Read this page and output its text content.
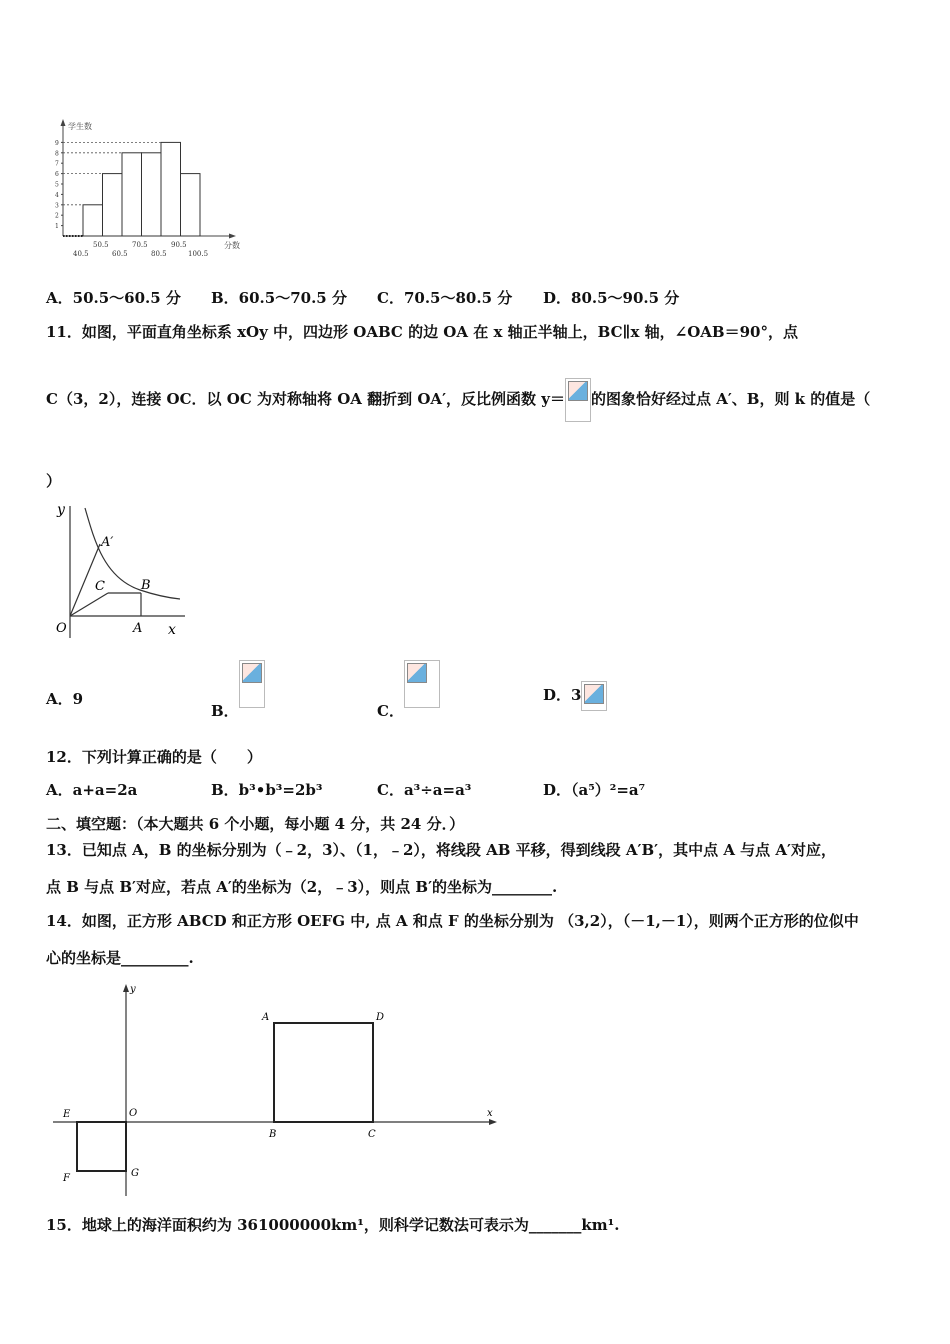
学生数
分数
1
2
3
4
5
6
7
8
9
50.5	70.5	90.5
40.5	60.5	80.5	100.5
A．50.5～60.5 分 B．60.5～70.5 分 C．70.5～80.5 分 D．80.5～90.5 分
11．如图，平面直角坐标系 xOy 中，四边形 OABC 的边 OA 在 x 轴正半轴上，BC∥x 轴，∠OAB＝90°，点
C（3，2），连接 OC．以 OC 为对称轴将 OA 翻折到 OA′，反比例函数 y＝ 的图象恰好经过点 A′、B，则 k 的值是（
）
y
A′
C	B
O	A x
A．9
B．	C．
D．3
12．下列计算正确的是（　　）
A．a+a=2a	B．b³•b³=2b³	C．a³÷a=a³	D．（a⁵）²=a⁷
二、填空题：（本大题共 6 个小题，每小题 4 分，共 24 分．）
13．已知点 A，B 的坐标分别为（﹣2，3）、（1，﹣2），将线段 AB 平移，得到线段 A′B′，其中点 A 与点 A′对应，
点 B 与点 B′对应，若点 A′的坐标为（2，﹣3），则点 B′的坐标为________.
14．如图，正方形 ABCD 和正方形 OEFG 中, 点 A 和点 F 的坐标分别为 （3,2），（－1,－1），则两个正方形的位似中
心的坐标是_________.
y
A	D
E	O	x
B	C
G
F
15．地球上的海洋面积约为 361000000km¹，则科学记数法可表示为_______km¹.
